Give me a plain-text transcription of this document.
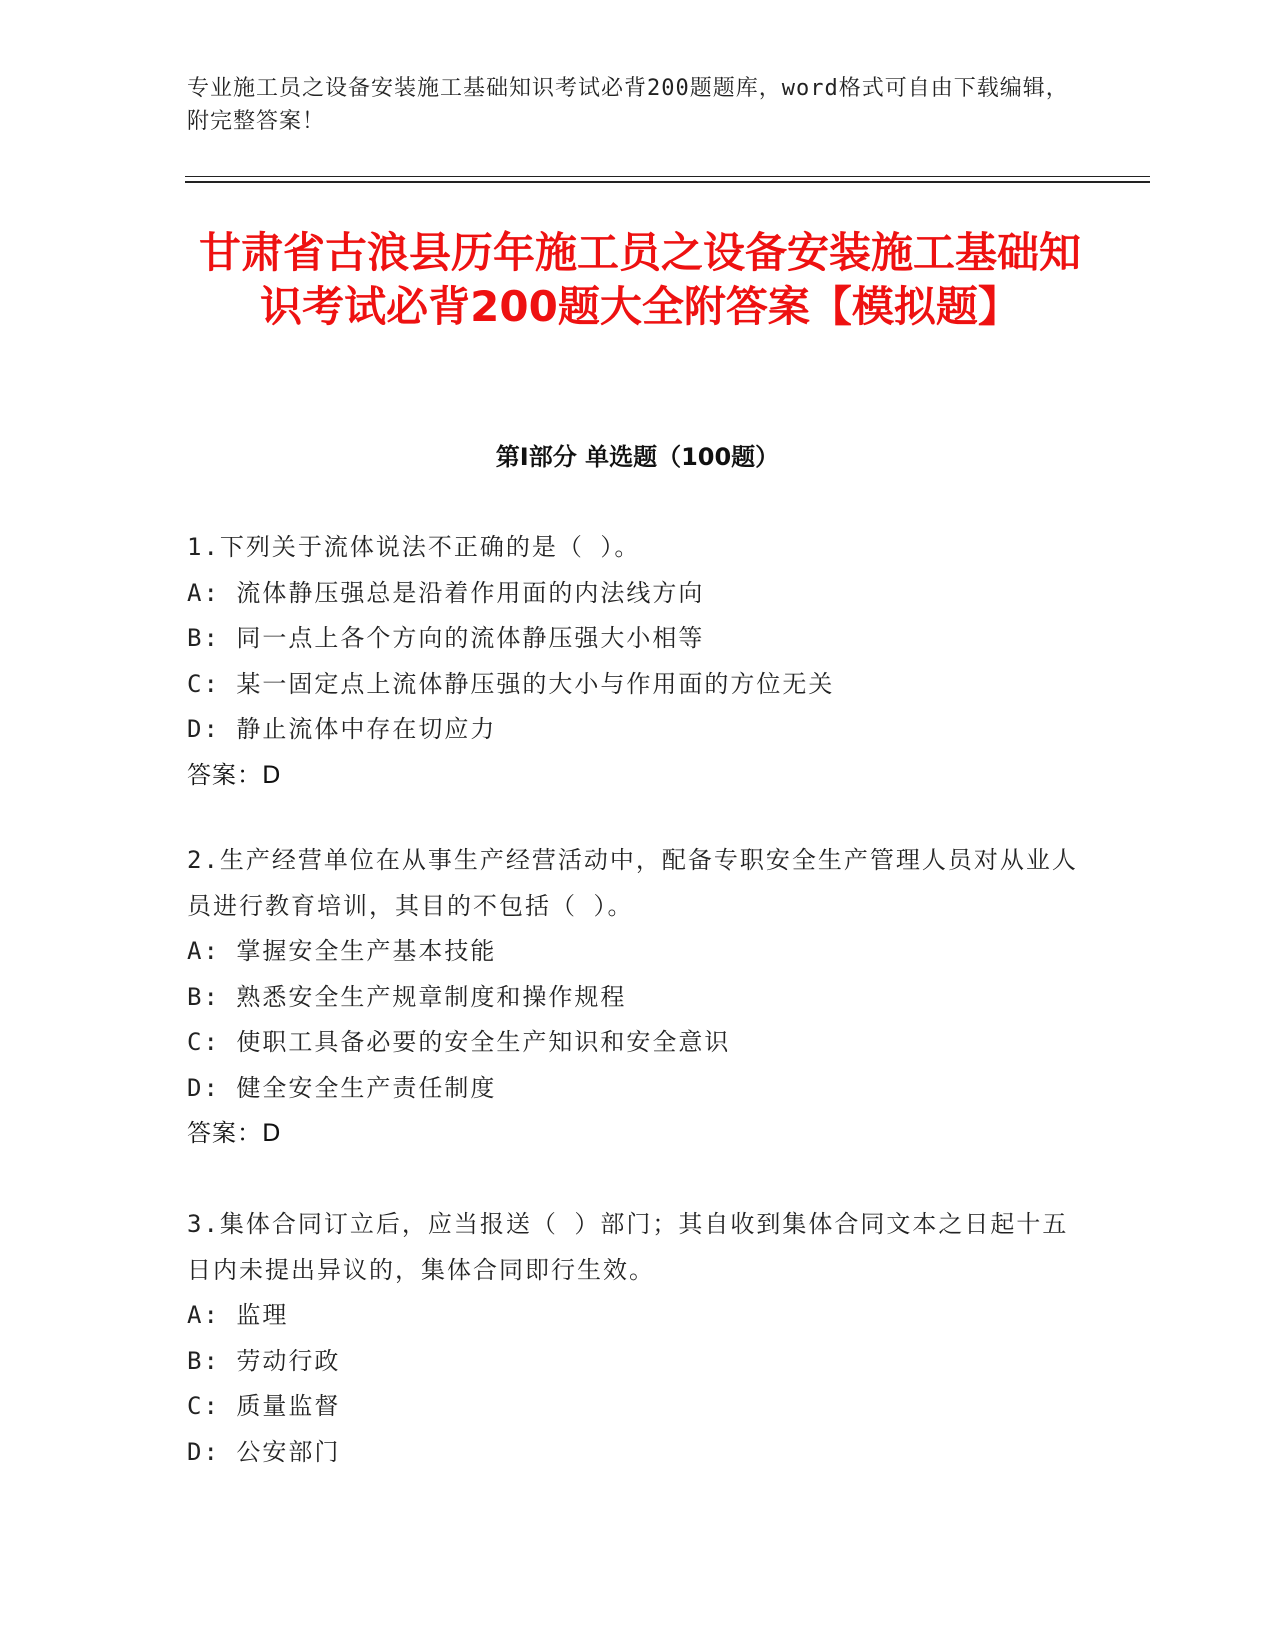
专业施工员之设备安装施工基础知识考试必背200题题库，word格式可自由下载编辑，附完整答案！
甘肃省古浪县历年施工员之设备安装施工基础知识考试必背200题大全附答案【模拟题】
第I部分 单选题（100题）

1.下列关于流体说法不正确的是（ ）。

A: 流体静压强总是沿着作用面的内法线方向

B: 同一点上各个方向的流体静压强大小相等

C: 某一固定点上流体静压强的大小与作用面的方位无关

D: 静止流体中存在切应力

答案：D

2.生产经营单位在从事生产经营活动中，配备专职安全生产管理人员对从业人员进行教育培训，其目的不包括（ ）。

A: 掌握安全生产基本技能

B: 熟悉安全生产规章制度和操作规程

C: 使职工具备必要的安全生产知识和安全意识

D: 健全安全生产责任制度

答案：D

3.集体合同订立后，应当报送（ ）部门；其自收到集体合同文本之日起十五日内未提出异议的，集体合同即行生效。

A: 监理

B: 劳动行政

C: 质量监督

D: 公安部门
